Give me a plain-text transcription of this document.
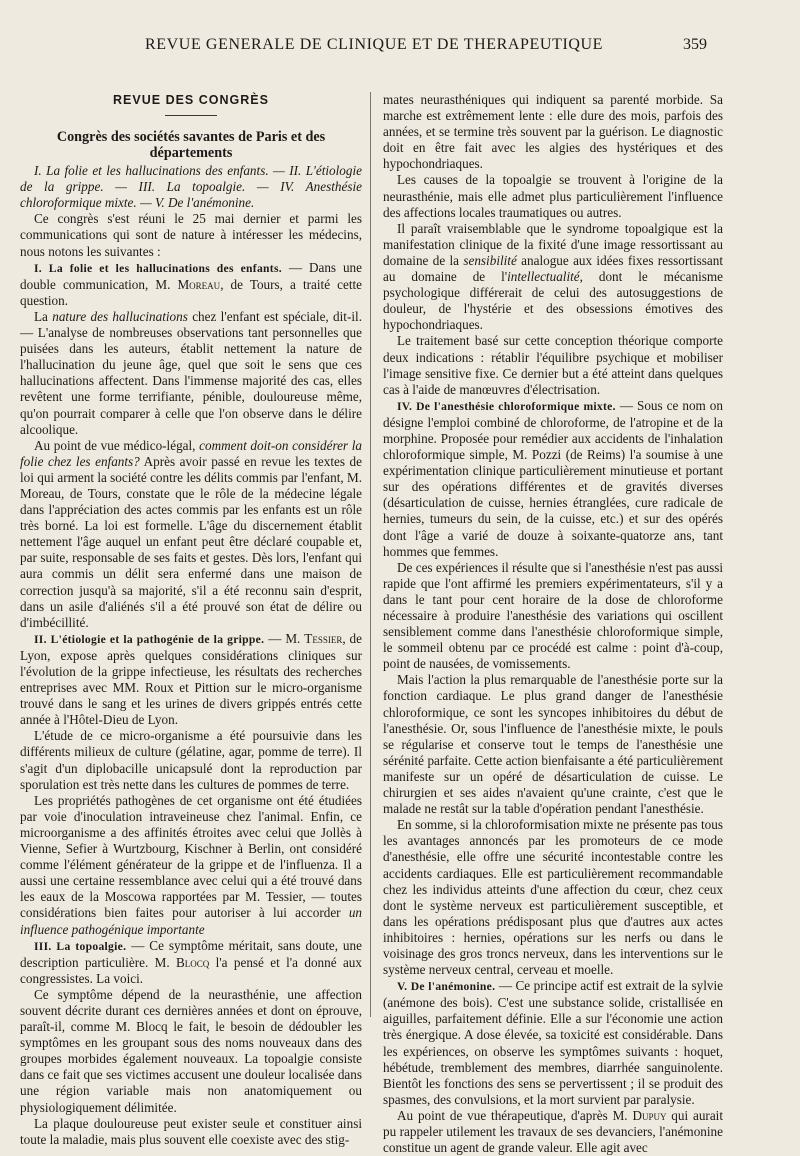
REVUE GENERALE DE CLINIQUE ET DE THERAPEUTIQUE	359
REVUE DES CONGRÈS
Congrès des sociétés savantes de Paris et des départements

I. La folie et les hallucinations des enfants. — II. L'étiologie de la grippe. — III. La topoalgie. — IV. Anesthésie chloroformique mixte. — V. De l'anémonine.

Ce congrès s'est réuni le 25 mai dernier et parmi les communications qui sont de nature à intéresser les médecins, nous notons les suivantes :

I. La folie et les hallucinations des enfants. — Dans une double communication, M. Moreau, de Tours, a traité cette question.

La nature des hallucinations chez l'enfant est spéciale, dit-il. — L'analyse de nombreuses observations tant personnelles que puisées dans les auteurs, établit nettement la nature de l'hallucination du jeune âge, quel que soit le sens que ces hallucinations affectent. Dans l'immense majorité des cas, elles revêtent une forme terrifiante, pénible, douloureuse même, qu'on pourrait comparer à celle que l'on observe dans le délire alcoolique.

Au point de vue médico-légal, comment doit-on considérer la folie chez les enfants? Après avoir passé en revue les textes de loi qui arment la société contre les délits commis par l'enfant, M. Moreau, de Tours, constate que le rôle de la médecine légale dans l'appréciation des actes commis par les enfants est un rôle très borné. La loi est formelle. L'âge du discernement établit nettement l'âge auquel un enfant peut être déclaré coupable et, par suite, responsable de ses faits et gestes. Dès lors, l'enfant qui aura commis un délit sera enfermé dans une maison de correction jusqu'à sa majorité, s'il a été reconnu sain d'esprit, dans un asile d'aliénés s'il a été prouvé son état de délire ou d'imbécillité.

II. L'étiologie et la pathogénie de la grippe. — M. Tessier, de Lyon, expose après quelques considérations cliniques sur l'évolution de la grippe infectieuse, les résultats des recherches entreprises avec MM. Roux et Pittion sur le micro-organisme trouvé dans le sang et les urines de divers grippés entrés cette année à l'Hôtel-Dieu de Lyon.

L'étude de ce micro-organisme a été poursuivie dans les différents milieux de culture (gélatine, agar, pomme de terre). Il s'agit d'un diplobacille unicapsulé dont la reproduction par sporulation est très nette dans les cultures de pommes de terre.

Les propriétés pathogènes de cet organisme ont été étudiées par voie d'inoculation intraveineuse chez l'animal. Enfin, ce microorganisme a des affinités étroites avec celui que Jollès à Vienne, Sefier à Wurtzbourg, Kischner à Berlin, ont considéré comme l'élément générateur de la grippe et de l'influenza. Il a aussi une certaine ressemblance avec celui qui a été trouvé dans les eaux de la Moscowa rapportées par M. Tessier, — toutes considérations bien faites pour autoriser à lui accorder un influence pathogénique importante

III. La topoalgie. — Ce symptôme méritait, sans doute, une description particulière. M. Blocq l'a pensé et l'a donné aux congressistes. La voici.

Ce symptôme dépend de la neurasthénie, une affection souvent décrite durant ces dernières années et dont on éprouve, paraît-il, comme M. Blocq le fait, le besoin de dédoubler les symptômes en les groupant sous des noms nouveaux dans des groupes morbides également nouveaux. La topoalgie consiste dans ce fait que ses victimes accusent une douleur localisée dans une région variable mais non anatomiquement ou physiologiquement délimitée.

La plaque douloureuse peut exister seule et constituer ainsi toute la maladie, mais plus souvent elle coexiste avec des stig-

mates neurasthéniques qui indiquent sa parenté morbide. Sa marche est extrêmement lente : elle dure des mois, parfois des années, et se termine très souvent par la guérison. Le diagnostic doit en être fait avec les algies des hystériques et des hypochondriaques.

Les causes de la topoalgie se trouvent à l'origine de la neurasthénie, mais elle admet plus particulièrement l'influence des affections locales traumatiques ou autres.

Il paraît vraisemblable que le syndrome topoalgique est la manifestation clinique de la fixité d'une image ressortissant au domaine de la sensibilité analogue aux idées fixes ressortissant au domaine de l'intellectualité, dont le mécanisme psychologique différerait de celui des autosuggestions de douleur, de l'hystérie et des obsessions émotives des hypochondriaques.

Le traitement basé sur cette conception théorique comporte deux indications : rétablir l'équilibre psychique et mobiliser l'image sensitive fixe. Ce dernier but a été atteint dans quelques cas à l'aide de manœuvres d'électrisation.

IV. De l'anesthésie chloroformique mixte. — Sous ce nom on désigne l'emploi combiné de chloroforme, de l'atropine et de la morphine. Proposée pour remédier aux accidents de l'inhalation chloroformique simple, M. Pozzi (de Reims) l'a soumise à une expérimentation clinique particulièrement minutieuse et portant sur des opérations différentes et de gravités diverses (désarticulation de cuisse, hernies étranglées, cure radicale de hernies, tumeurs du sein, de la cuisse, etc.) et sur des opérés dont l'âge a varié de douze à soixante-quatorze ans, tant hommes que femmes.

De ces expériences il résulte que si l'anesthésie n'est pas aussi rapide que l'ont affirmé les premiers expérimentateurs, s'il y a dans le tant pour cent horaire de la dose de chloroforme nécessaire à produire l'anesthésie des variations qui oscillent sensiblement comme dans l'anesthésie chloroformique simple, le sommeil obtenu par ce procédé est calme : point d'à-coup, point de nausées, de vomissements.

Mais l'action la plus remarquable de l'anesthésie porte sur la fonction cardiaque. Le plus grand danger de l'anesthésie chloroformique, ce sont les syncopes inhibitoires du début de l'anesthésie. Or, sous l'influence de l'anesthésie mixte, le pouls se régularise et conserve tout le temps de l'anesthésie une sérénité parfaite. Cette action bienfaisante a été particulièrement manifeste sur un opéré de désarticulation de cuisse. Le chirurgien et ses aides n'avaient qu'une crainte, c'est que le malade ne restât sur la table d'opération pendant l'anesthésie.

En somme, si la chloroformisation mixte ne présente pas tous les avantages annoncés par les promoteurs de ce mode d'anesthésie, elle offre une sécurité incontestable contre les accidents cardiaques. Elle est particulièrement recommandable chez les individus atteints d'une affection du cœur, chez ceux dont le système nerveux est particulièrement susceptible, et dans les opérations prédisposant plus que d'autres aux actes inhibitoires : hernies, opérations sur les nerfs ou dans le voisinage des gros troncs nerveux, dans les interventions sur le système nerveux central, cerveau et moelle.

V. De l'anémonine. — Ce principe actif est extrait de la sylvie (anémone des bois). C'est une substance solide, cristallisée en aiguilles, parfaitement définie. Elle a sur l'économie une action très énergique. A dose élevée, sa toxicité est considérable. Dans les expériences, on observe les symptômes suivants : hoquet, hébétude, tremblement des membres, diarrhée sanguinolente. Bientôt les fonctions des sens se pervertissent ; il se produit des spasmes, des convulsions, et la mort survient par paralysie.

Au point de vue thérapeutique, d'après M. Dupuy qui aurait pu rappeler utilement les travaux de ses devanciers, l'anémonine constitue un agent de grande valeur. Elle agit avec
